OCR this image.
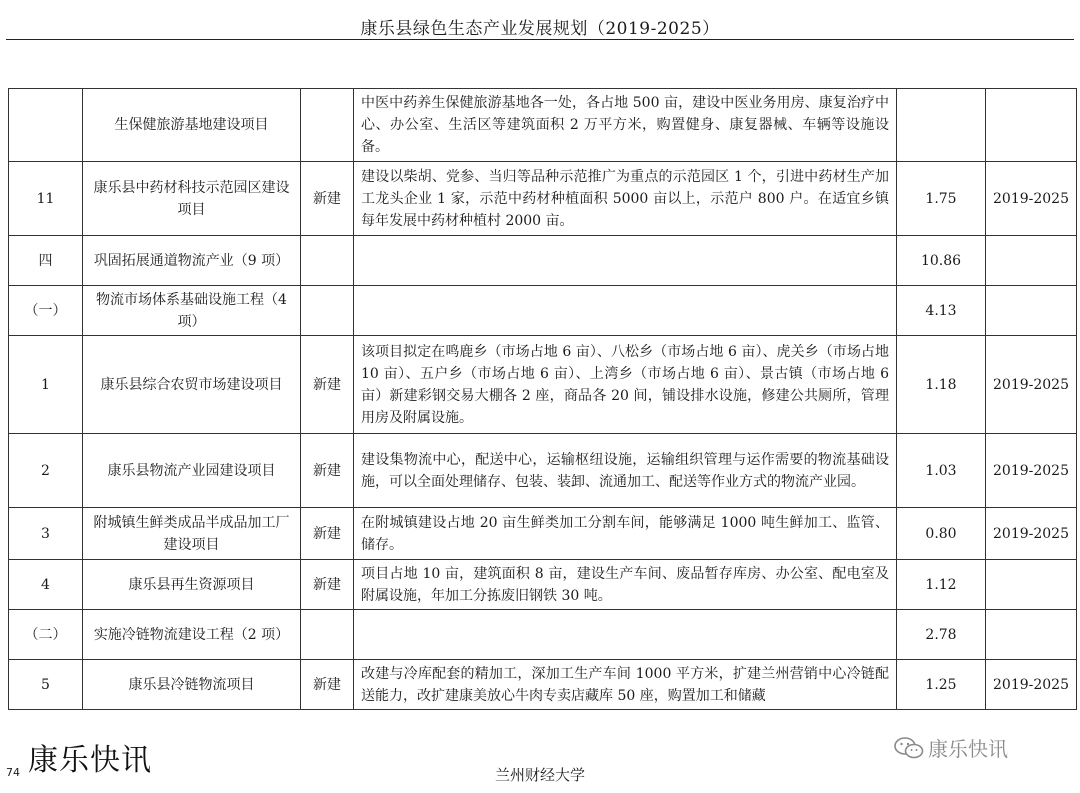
康乐县绿色生态产业发展规划（2019-2025）
	生保健旅游基地建设项目		中医中药养生保健旅游基地各一处，各占地 500 亩，建设中医业务用房、康复治疗中心、办公室、生活区等建筑面积 2 万平方米，购置健身、康复器械、车辆等设施设备。		
11	康乐县中药材科技示范园区建设项目	新建	建设以柴胡、党参、当归等品种示范推广为重点的示范园区 1 个，引进中药材生产加工龙头企业 1 家，示范中药材种植面积 5000 亩以上，示范户 800 户。在适宜乡镇每年发展中药材种植村 2000 亩。	1.75	2019-2025
四	巩固拓展通道物流产业（9 项）			10.86	
（一）	物流市场体系基础设施工程（4 项）			4.13	
1	康乐县综合农贸市场建设项目	新建	该项目拟定在鸣鹿乡（市场占地 6 亩）、八松乡（市场占地 6 亩）、虎关乡（市场占地 10 亩）、五户乡（市场占地 6 亩）、上湾乡（市场占地 6 亩）、景古镇（市场占地 6 亩）新建彩钢交易大棚各 2 座，商品各 20 间，铺设排水设施，修建公共厕所，管理用房及附属设施。	1.18	2019-2025
2	康乐县物流产业园建设项目	新建	建设集物流中心，配送中心，运输枢纽设施，运输组织管理与运作需要的物流基础设施，可以全面处理储存、包装、装卸、流通加工、配送等作业方式的物流产业园。	1.03	2019-2025
3	附城镇生鲜类成品半成品加工厂建设项目	新建	在附城镇建设占地 20 亩生鲜类加工分割车间，能够满足 1000 吨生鲜加工、监管、储存。	0.80	2019-2025
4	康乐县再生资源项目	新建	项目占地 10 亩，建筑面积 8 亩，建设生产车间、废品暂存库房、办公室、配电室及附属设施，年加工分拣废旧钢铁 30 吨。	1.12	
（二）	实施冷链物流建设工程（2 项）			2.78	
5	康乐县冷链物流项目	新建	改建与冷库配套的精加工，深加工生产车间 1000 平方米，扩建兰州营销中心冷链配送能力，改扩建康美放心牛肉专卖店藏库 50 座，购置加工和储藏	1.25	2019-2025
74 康乐快讯	兰州财经大学
康乐快讯
